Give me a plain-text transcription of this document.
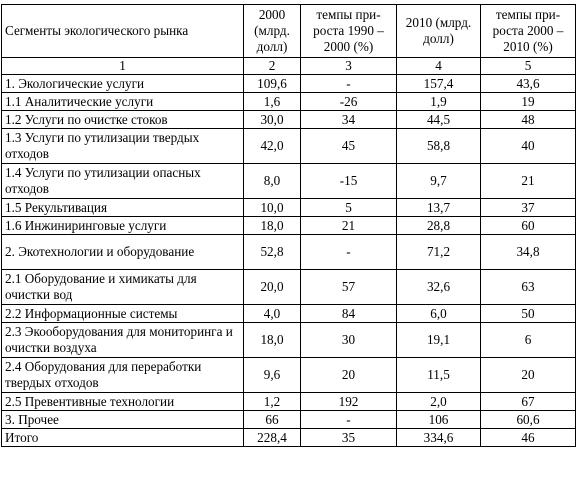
Сегменты экологического рынка	2000 (млрд. долл)	темпы при-роста 1990 – 2000 (%)	2010 (млрд. долл)	темпы при-роста 2000 – 2010 (%)
1	2	3	4	5
1. Экологические услуги	109,6	-	157,4	43,6
1.1 Аналитические услуги	1,6	-26	1,9	19
1.2 Услуги по очистке стоков	30,0	34	44,5	48
1.3 Услуги по утилизации твердых отходов	42,0	45	58,8	40
1.4 Услуги по утилизации опасных отходов	8,0	-15	9,7	21
1.5 Рекультивация	10,0	5	13,7	37
1.6 Инжиниринговые услуги	18,0	21	28,8	60
2. Экотехнологии и оборудование	52,8	-	71,2	34,8
2.1 Оборудование и химикаты для очистки вод	20,0	57	32,6	63
2.2 Информационные системы	4,0	84	6,0	50
2.3 Экооборудования для мониторинга и очистки воздуха	18,0	30	19,1	6
2.4 Оборудования для переработки твердых отходов	9,6	20	11,5	20
2.5 Превентивные технологии	1,2	192	2,0	67
3. Прочее	66	-	106	60,6
Итого	228,4	35	334,6	46
